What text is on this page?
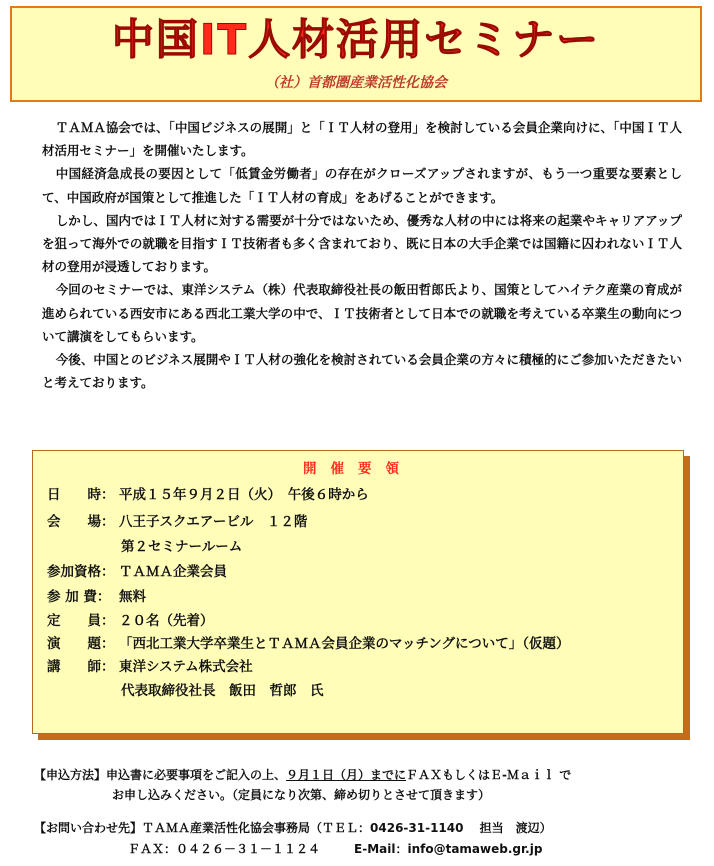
中国IT人材活用セミナー
（社）首都圏産業活性化協会

ＴＡＭＡ協会では、「中国ビジネスの展開」と「ＩＴ人材の登用」を検討している会員企業向けに、「中国ＩＴ人材活用セミナー」を開催いたします。

中国経済急成長の要因として「低賃金労働者」の存在がクローズアップされますが、もう一つ重要な要素として、中国政府が国策として推進した「ＩＴ人材の育成」をあげることができます。

しかし、国内ではＩＴ人材に対する需要が十分ではないため、優秀な人材の中には将来の起業やキャリアアップを狙って海外での就職を目指すＩＴ技術者も多く含まれており、既に日本の大手企業では国籍に囚われないＩＴ人材の登用が浸透しております。

今回のセミナーでは、東洋システム（株）代表取締役社長の飯田哲郎氏より、国策としてハイテク産業の育成が進められている西安市にある西北工業大学の中で、ＩＴ技術者として日本での就職を考えている卒業生の動向について講演をしてもらいます。

今後、中国とのビジネス展開やＩＴ人材の強化を検討されている会員企業の方々に積極的にご参加いただきたいと考えております。

開催要領
日　　時： 平成１５年９月２日（火）　午後６時から
会　　場： 八王子スクエアービル　１２階
第２セミナールーム
参加資格： ＴＡＭＡ企業会員
参 加 費： 無料
定　　員： ２０名（先着）
演　　題： 「西北工業大学卒業生とＴＡＭＡ会員企業のマッチングについて」（仮題）
講　　師： 東洋システム株式会社
代表取締役社長　飯田　哲郎　氏
【申込方法】申込書に必要事項をご記入の上、９月１日（月）までにＦＡＸもしくはＥ-Ｍａｉｌ で
お申し込みください。（定員になり次第、締め切りとさせて頂きます）
【お問い合わせ先】ＴＡＭＡ産業活性化協会事務局（ＴＥＬ：0426-31-1140　 担当　渡辺）
ＦＡＸ：０４２６－３１－１１２４	E-Mail：info@tamaweb.gr.jp
